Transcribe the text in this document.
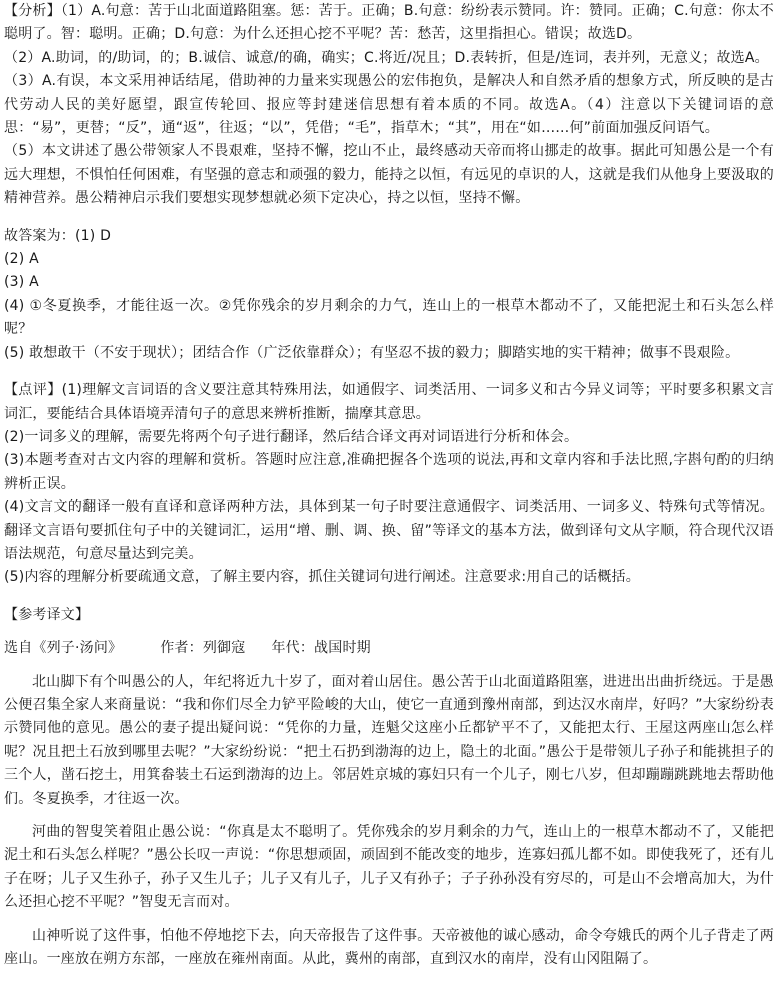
【分析】（1）A.句意：苦于山北面道路阻塞。惩：苦于。正确；B.句意：纷纷表示赞同。许：赞同。正确；C.句意：你太不聪明了。智：聪明。正确；D.句意：为什么还担心挖不平呢？苦：愁苦，这里指担心。错误；故选D。

（2）A.助词，的/助词，的；B.诚信、诚意/的确，确实；C.将近/况且；D.表转折，但是/连词，表并列，无意义；故选A。

（3）A.有误，本文采用神话结尾，借助神的力量来实现愚公的宏伟抱负，是解决人和自然矛盾的想象方式，所反映的是古代劳动人民的美好愿望，跟宣传轮回、报应等封建迷信思想有着本质的不同。故选A。（4）注意以下关键词语的意思：“易”，更替；“反”，通“返”，往返；“以”，凭借；“毛”，指草木；“其”，用在“如……何”前面加强反问语气。

（5）本文讲述了愚公带领家人不畏艰难，坚持不懈，挖山不止，最终感动天帝而将山挪走的故事。据此可知愚公是一个有远大理想，不惧怕任何困难，有坚强的意志和顽强的毅力，能持之以恒，有远见的卓识的人，这就是我们从他身上要汲取的精神营养。愚公精神启示我们要想实现梦想就必须下定决心，持之以恒，坚持不懈。

故答案为：(1) D

(2) A

(3) A

(4) ①冬夏换季，才能往返一次。②凭你残余的岁月剩余的力气，连山上的一根草木都动不了，又能把泥土和石头怎么样呢？

(5) 敢想敢干（不安于现状）；团结合作（广泛依靠群众）；有坚忍不拔的毅力；脚踏实地的实干精神；做事不畏艰险。

【点评】(1)理解文言词语的含义要注意其特殊用法，如通假字、词类活用、一词多义和古今异义词等；平时要多积累文言词汇，要能结合具体语境弄清句子的意思来辨析推断，揣摩其意思。

(2)一词多义的理解，需要先将两个句子进行翻译，然后结合译文再对词语进行分析和体会。

(3)本题考查对古文内容的理解和赏析。答题时应注意,准确把握各个选项的说法,再和文章内容和手法比照,字斟句酌的归纳辨析正误。

(4)文言文的翻译一般有直译和意译两种方法，具体到某一句子时要注意通假字、词类活用、一词多义、特殊句式等情况。翻译文言语句要抓住句子中的关键词汇，运用“增、删、调、换、留”等译文的基本方法，做到译句文从字顺，符合现代汉语语法规范，句意尽量达到完美。

(5)内容的理解分析要疏通文意，了解主要内容，抓住关键词句进行阐述。注意要求:用自己的话概括。

【参考译文】

选自《列子·汤问》	作者：列御寇 年代：战国时期

北山脚下有个叫愚公的人，年纪将近九十岁了，面对着山居住。愚公苦于山北面道路阻塞，进进出出曲折绕远。于是愚公便召集全家人来商量说：“我和你们尽全力铲平险峻的大山，使它一直通到豫州南部，到达汉水南岸，好吗？”大家纷纷表示赞同他的意见。愚公的妻子提出疑问说：“凭你的力量，连魁父这座小丘都铲平不了，又能把太行、王屋这两座山怎么样呢？况且把土石放到哪里去呢？”大家纷纷说：“把土石扔到渤海的边上，隐土的北面。”愚公于是带领儿子孙子和能挑担子的三个人，凿石挖土，用箕畚装土石运到渤海的边上。邻居姓京城的寡妇只有一个儿子，刚七八岁，但却蹦蹦跳跳地去帮助他们。冬夏换季，才往返一次。

河曲的智叟笑着阻止愚公说：“你真是太不聪明了。凭你残余的岁月剩余的力气，连山上的一根草木都动不了，又能把泥土和石头怎么样呢？”愚公长叹一声说：“你思想顽固，顽固到不能改变的地步，连寡妇孤儿都不如。即使我死了，还有儿子在呀；儿子又生孙子，孙子又生儿子；儿子又有儿子，儿子又有孙子；子子孙孙没有穷尽的，可是山不会增高加大，为什么还担心挖不平呢？”智叟无言而对。

山神听说了这件事，怕他不停地挖下去，向天帝报告了这件事。天帝被他的诚心感动，命令夸娥氏的两个儿子背走了两座山。一座放在朔方东部，一座放在雍州南面。从此，冀州的南部，直到汉水的南岸，没有山冈阻隔了。
